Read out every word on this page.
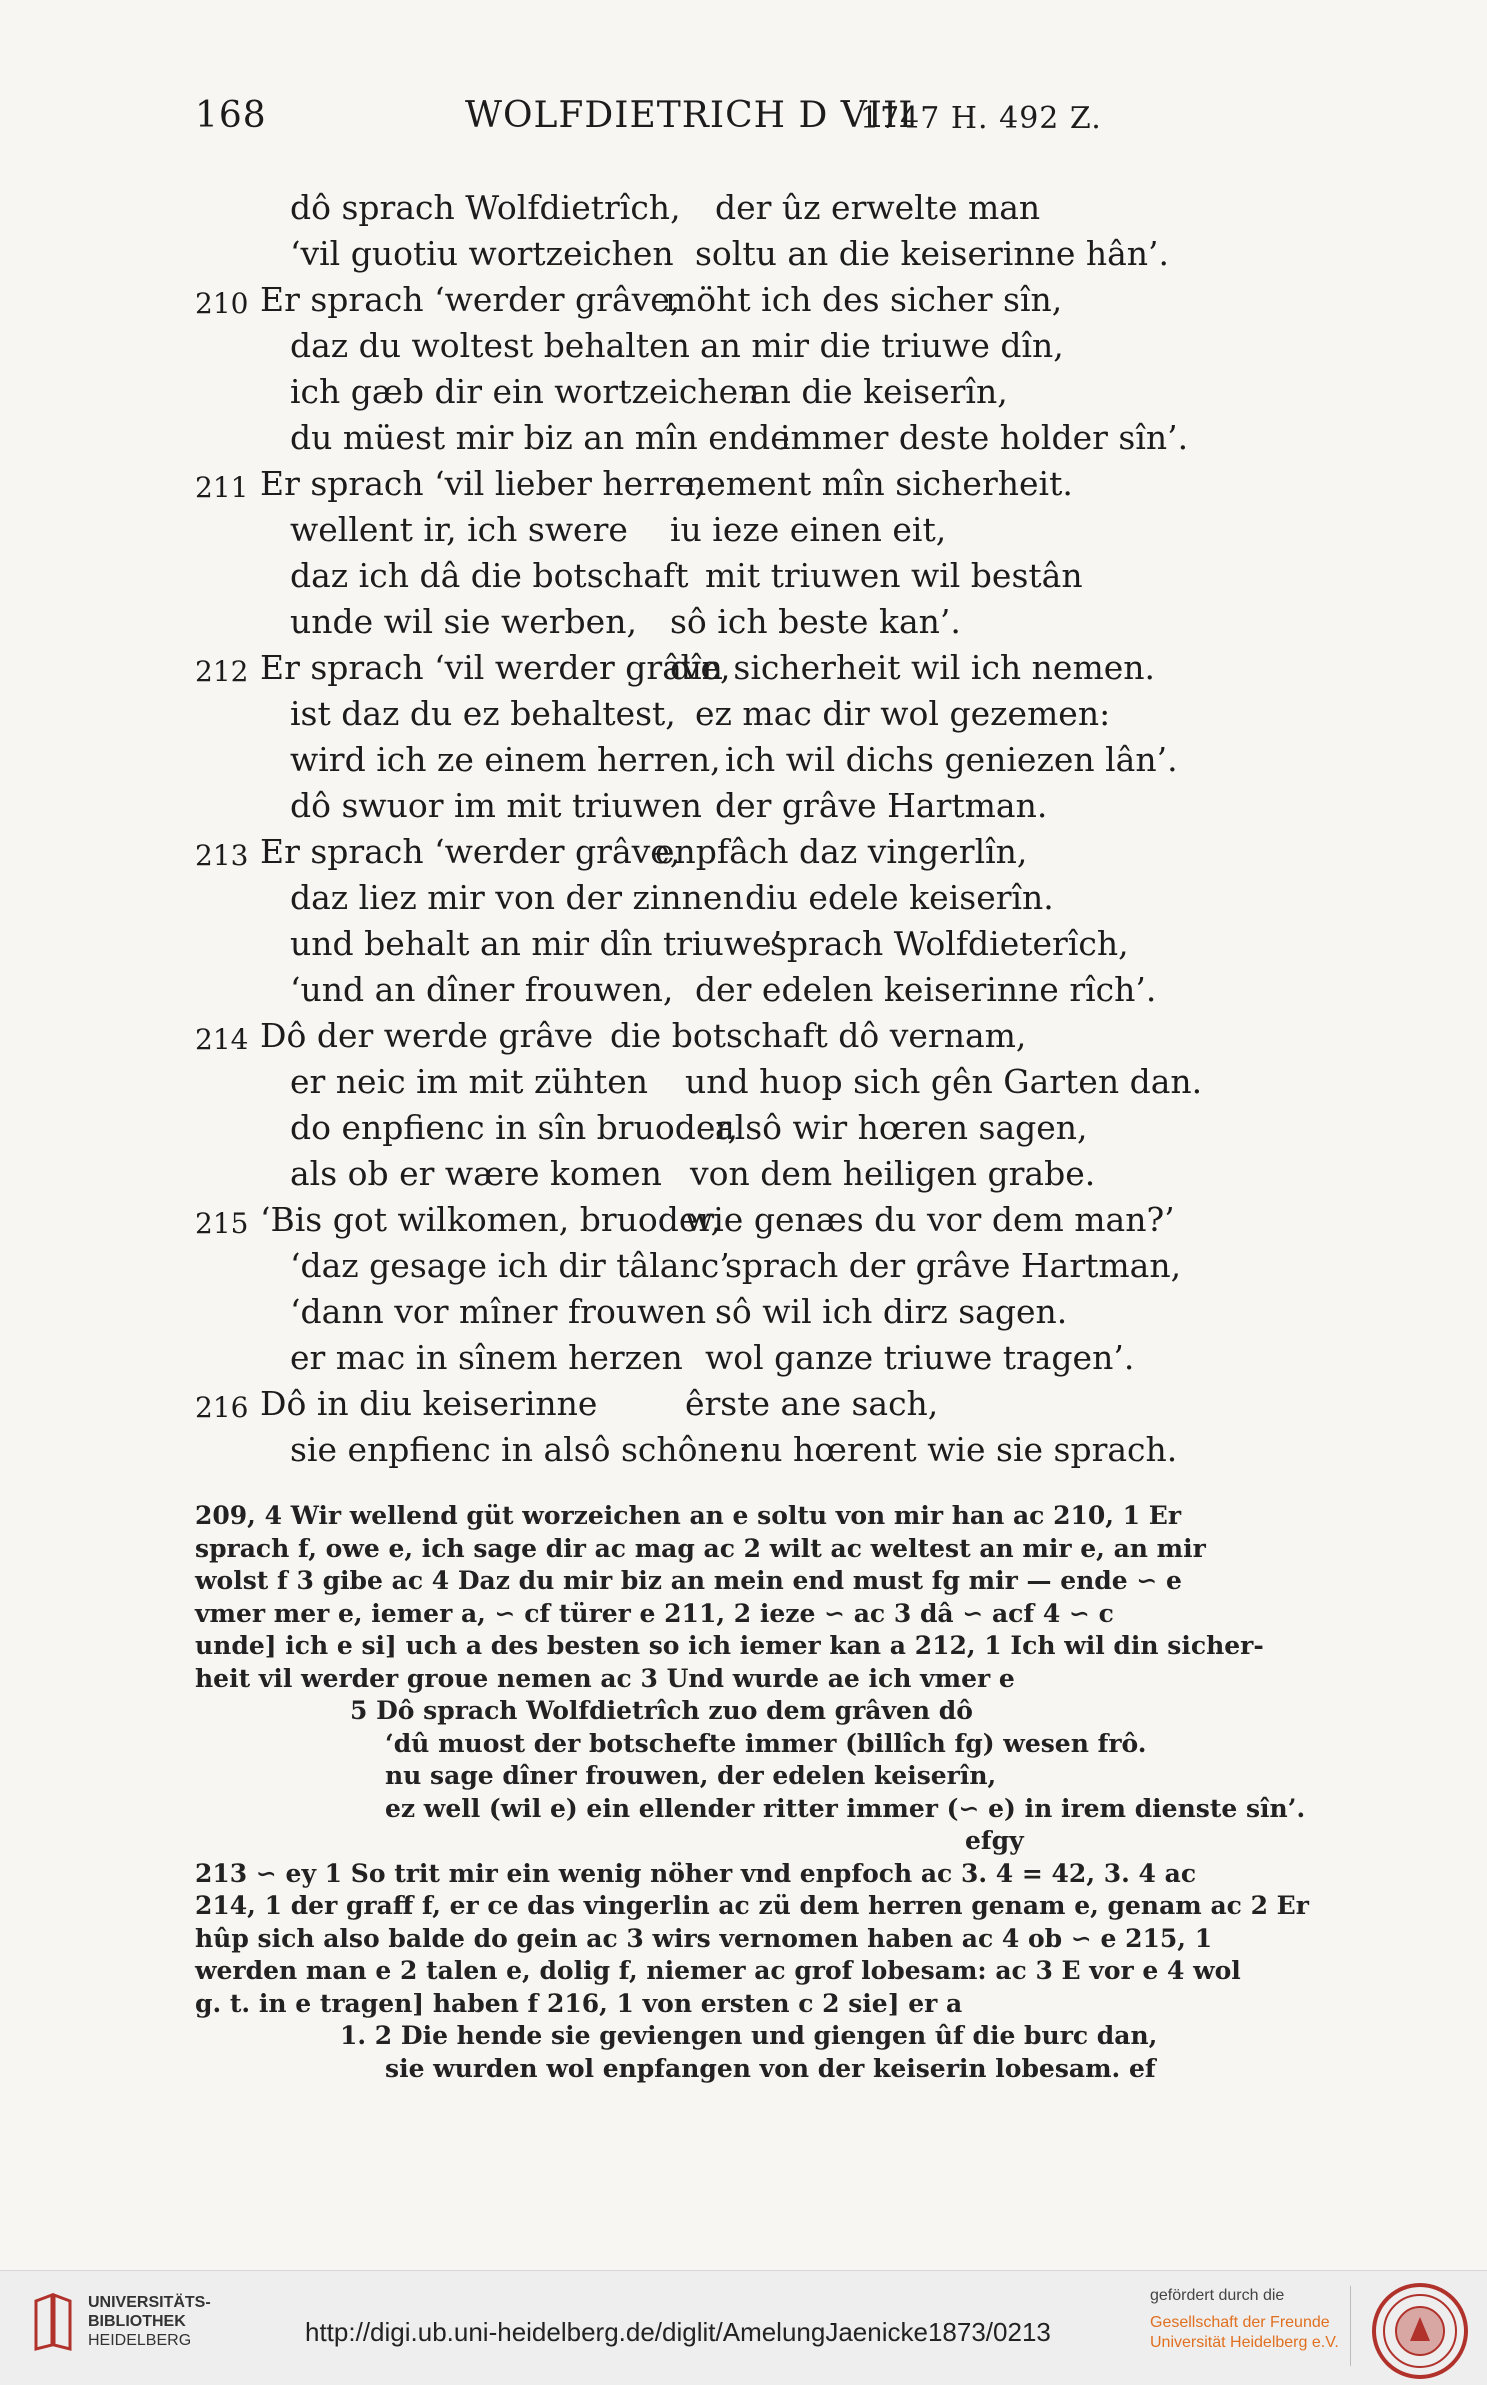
168	WOLFDIETRICH D VIII
1747 H. 492 Z.
dô sprach Wolfdietrîch, der ûz erwelte man
‘vil guotiu wortzeichen soltu an die keiserinne hân’.
210 Er sprach ‘werder grâve,
möht ich des sicher sîn,
daz du woltest behalten an mir die triuwe dîn,
ich gæb dir ein wortzeichen
an die keiserîn,
du müest mir biz an mîn ende
immer deste holder sîn’.
211 Er sprach ‘vil lieber herre,
nement mîn sicherheit.
wellent ir, ich swere iu ieze einen eit,
daz ich dâ die botschaft mit triuwen wil bestân
unde wil sie werben, sô ich beste kan’.
212 Er sprach ‘vil werder grâve,
dîn sicherheit wil ich nemen.
ist daz du ez behaltest, ez mac dir wol gezemen:
wird ich ze einem herren, ich wil dichs geniezen lân’.
dô swuor im mit triuwen der grâve Hartman.
213 Er sprach ‘werder grâve,
enpfâch daz vingerlîn,
daz liez mir von der zinnen diu edele keiserîn.
und behalt an mir dîn triuwe’
sprach Wolfdieterîch,
‘und an dîner frouwen, der edelen keiserinne rîch’.
214 Dô der werde grâve die botschaft dô vernam,
er neic im mit zühten und huop sich gên Garten dan.
do enpfienc in sîn bruoder,
alsô wir hœren sagen,
als ob er wære komen von dem heiligen grabe.
215 ‘Bis got wilkomen, bruoder,
wie genæs du vor dem man?’
‘daz gesage ich dir tâlanc’
sprach der grâve Hartman,
‘dann vor mîner frouwen sô wil ich dirz sagen.
er mac in sînem herzen wol ganze triuwe tragen’.
216 Dô in diu keiserinne	êrste ane sach,
sie enpfienc in alsô schône:
nu hœrent wie sie sprach.
209, 4 Wir wellend güt worzeichen an e soltu von mir han ac 210, 1 Er
sprach f, owe e, ich sage dir ac mag ac 2 wilt ac weltest an mir e, an mir
wolst f 3 gibe ac 4 Daz du mir biz an mein end must fg mir — ende ∽ e
vmer mer e, iemer a, ∽ cf türer e 211, 2 ieze ∽ ac 3 dâ ∽ acf 4 ∽ c
unde] ich e si] uch a des besten so ich iemer kan a 212, 1 Ich wil din sicher-
heit vil werder groue nemen ac 3 Und wurde ae ich vmer e
5 Dô sprach Wolfdietrîch zuo dem grâven dô
‘dû muost der botschefte immer (billîch fg) wesen frô.
nu sage dîner frouwen, der edelen keiserîn,
ez well (wil e) ein ellender ritter immer (∽ e) in irem dienste sîn’.
efgy
213 ∽ ey 1 So trit mir ein wenig nöher vnd enpfoch ac 3. 4 = 42, 3. 4 ac
214, 1 der graff f, er ce das vingerlin ac zü dem herren genam e, genam ac 2 Er
hûp sich also balde do gein ac 3 wirs vernomen haben ac 4 ob ∽ e 215, 1
werden man e 2 talen e, dolig f, niemer ac grof lobesam: ac 3 E vor e 4 wol
g. t. in e tragen] haben f 216, 1 von ersten c 2 sie] er a
1. 2 Die hende sie geviengen und giengen ûf die burc dan,
sie wurden wol enpfangen von der keiserin lobesam. ef
UNIVERSITÄTS-
BIBLIOTHEK
HEIDELBERG	http://digi.ub.uni-heidelberg.de/diglit/AmelungJaenicke1873/0213
gefördert durch die
Gesellschaft der Freunde
Universität Heidelberg e.V.
